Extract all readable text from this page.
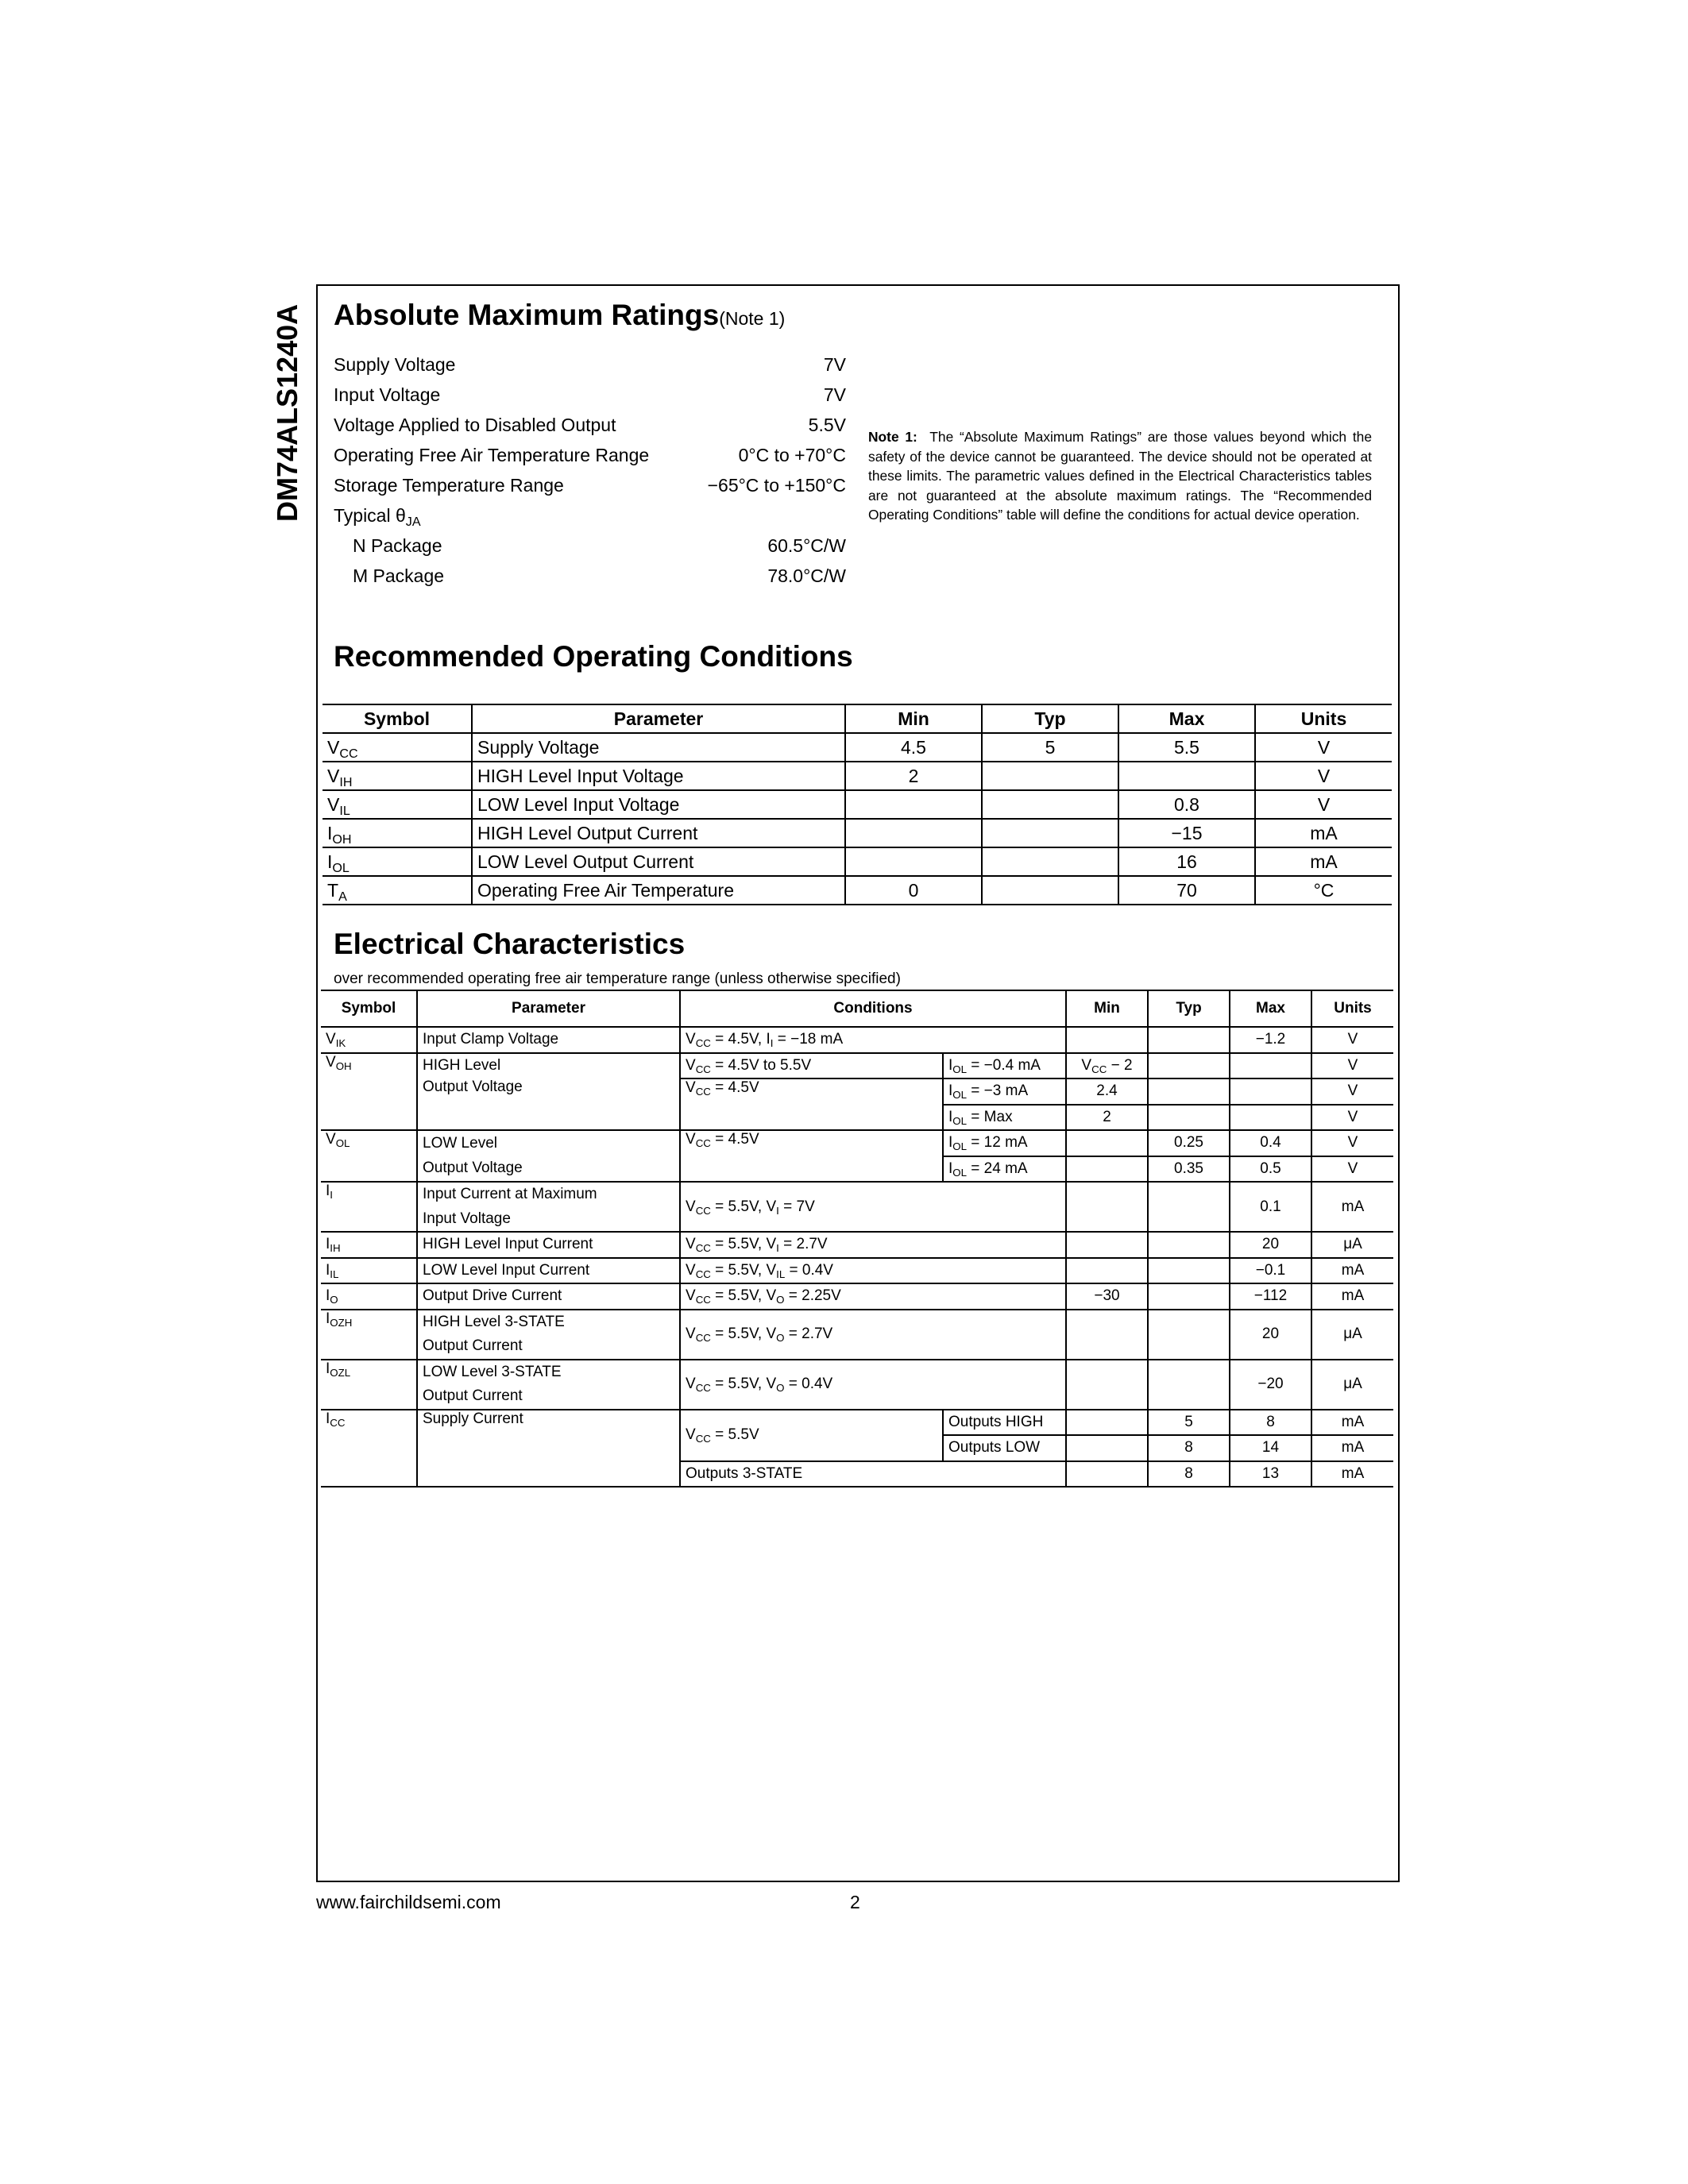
DM74ALS1240A Absolute Maximum Ratings(Note 1)
Supply Voltage	7V
Input Voltage	7V
Voltage Applied to Disabled Output	5.5V
Operating Free Air Temperature Range	0°C to +70°C
Storage Temperature Range	−65°C to +150°C
Typical $\theta_{JA}$
N Package	60.5°C/W
M Package	78.0°C/W
Note 1: The “Absolute Maximum Ratings” are those values beyond which the safety of the device cannot be guaranteed. The device should not be operated at these limits. The parametric values defined in the Electrical Characteristics tables are not guaranteed at the absolute maximum ratings. The “Recommended Operating Conditions” table will define the conditions for actual device operation.
Recommended Operating Conditions
Symbol	Parameter	Min	Typ	Max	Units
$V_{CC}$	Supply Voltage	4.5	5	5.5	V
$V_{IH}$	HIGH Level Input Voltage	2			V
$V_{IL}$	LOW Level Input Voltage			0.8	V
$I_{OH}$	HIGH Level Output Current			−15	mA
$I_{OL}$	LOW Level Output Current			16	mA
$T_A$	Operating Free Air Temperature	0		70	°C
Electrical Characteristics
over recommended operating free air temperature range (unless otherwise specified)
Symbol	Parameter	Conditions		Min	Typ	Max	Units
$V_{IK}$	Input Clamp Voltage	$V_{CC} = 4.5V$, $I_I = -18$ mA				−1.2	V
$V_{OH}$	HIGH Level	$V_{CC} = 4.5V$ to 5.5V	$I_{OL} = -0.4$ mA	$V_{CC} - 2$			V
	Output Voltage	$V_{CC} = 4.5V$	$I_{OL} = -3$ mA	2.4			V
			$I_{OL}$ = Max	2			V
$V_{OL}$	LOW Level	$V_{CC} = 4.5V$	$I_{OL} = 12$ mA		0.25	0.4	V
	Output Voltage		$I_{OL} = 24$ mA		0.35	0.5	V
$I_I$	Input Current at Maximum	$V_{CC} = 5.5V$, $V_I = 7V$				0.1	mA
	Input Voltage						
$I_{IH}$	HIGH Level Input Current	$V_{CC} = 5.5V$, $V_I = 2.7V$				20	μA
$I_{IL}$	LOW Level Input Current	$V_{CC} = 5.5V$, $V_{IL} = 0.4V$				−0.1	mA
$I_O$	Output Drive Current	$V_{CC} = 5.5V$, $V_O = 2.25V$		−30		−112	mA
$I_{OZH}$	HIGH Level 3-STATE	$V_{CC} = 5.5V$, $V_O = 2.7V$				20	μA
	Output Current						
$I_{OZL}$	LOW Level 3-STATE	$V_{CC} = 5.5V$, $V_O = 0.4V$				−20	μA
	Output Current						
$I_{CC}$	Supply Current	$V_{CC} = 5.5V$	Outputs HIGH		5	8	mA
			Outputs LOW		8	14	mA
		Outputs 3-STATE			8	13	mA
www.fairchildsemi.com	2
